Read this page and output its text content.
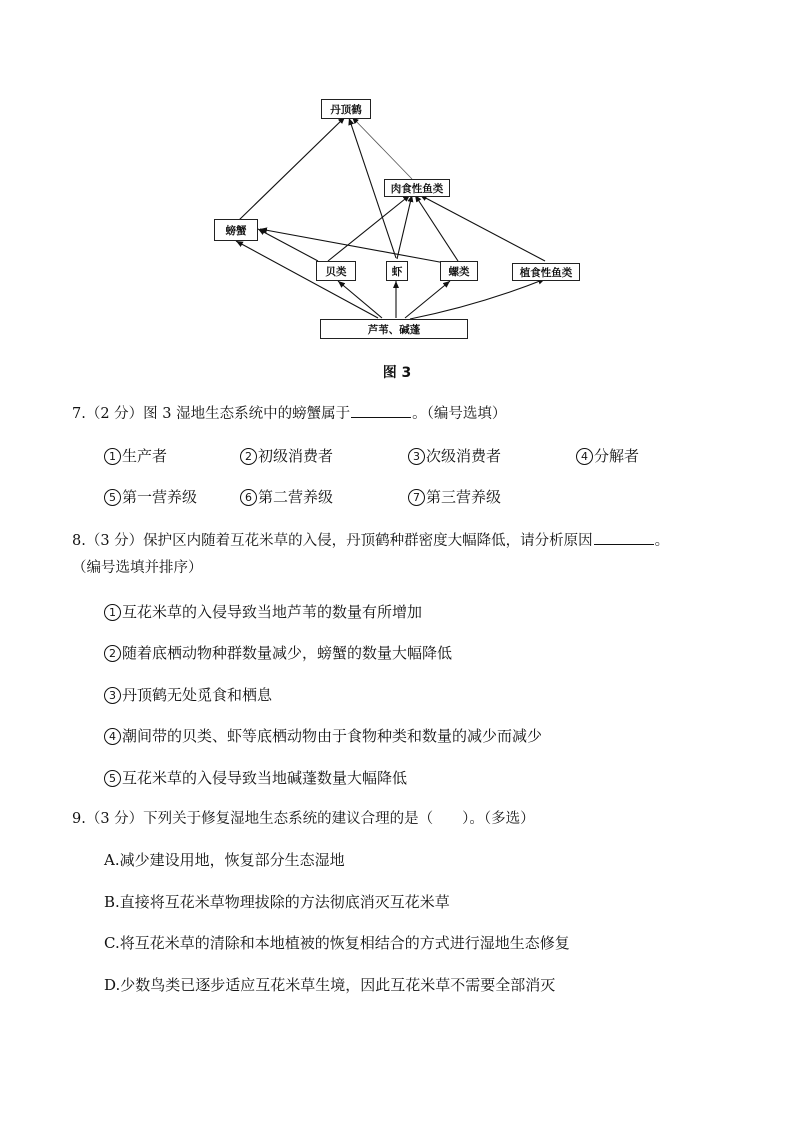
丹顶鹤
肉食性鱼类
螃蟹
贝类	虾	螺类	植食性鱼类
芦苇、碱蓬
图 3
7.（2 分）图 3 湿地生态系统中的螃蟹属于	。（编号选填）
1 生产者	2 初级消费者	3 次级消费者	4 分解者
5 第一营养级	6 第二营养级	7 第三营养级
8.（3 分）保护区内随着互花米草的入侵，丹顶鹤种群密度大幅降低，请分析原因	。
（编号选填并排序）
1 互花米草的入侵导致当地芦苇的数量有所增加
2 随着底栖动物种群数量减少，螃蟹的数量大幅降低
3 丹顶鹤无处觅食和栖息
4 潮间带的贝类、虾等底栖动物由于食物种类和数量的减少而减少
5 互花米草的入侵导致当地碱蓬数量大幅降低
9.（3 分）下列关于修复湿地生态系统的建议合理的是（　　）。（多选）
A.减少建设用地，恢复部分生态湿地
B.直接将互花米草物理拔除的方法彻底消灭互花米草
C.将互花米草的清除和本地植被的恢复相结合的方式进行湿地生态修复
D.少数鸟类已逐步适应互花米草生境，因此互花米草不需要全部消灭
